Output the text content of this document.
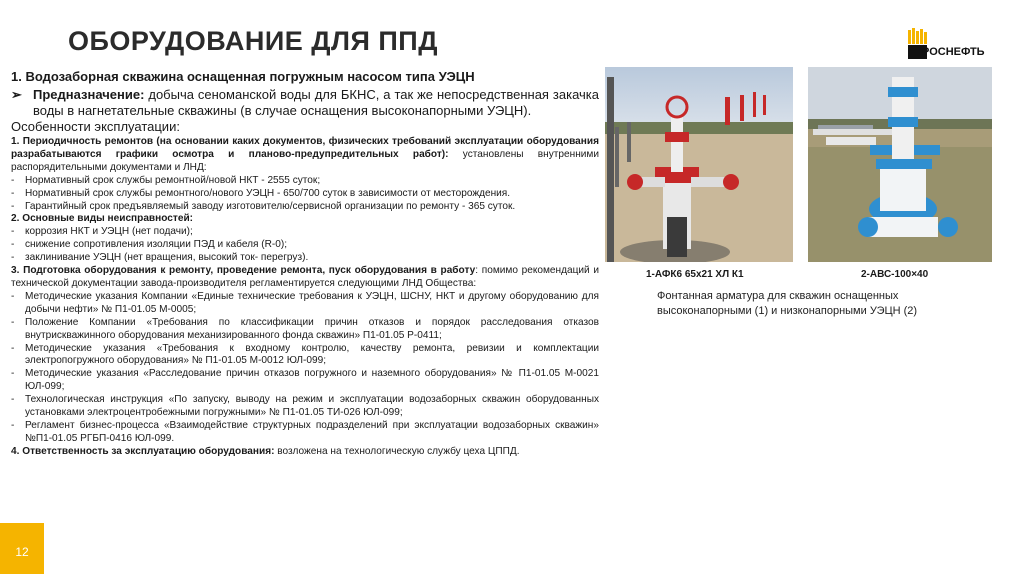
ОБОРУДОВАНИЕ ДЛЯ ППД	РОСНЕФТЬ
1. Водозаборная скважина оснащенная погружным насосом типа УЭЦН
➢ Предназначение: добыча сеноманской воды для БКНС, а так же непосредственная закачка воды в нагнетательные скважины (в случае оснащения высоконапорными УЭЦН).
Особенности эксплуатации:

1. Периодичность ремонтов (на основании каких документов, физических требований эксплуатации оборудования разрабатываются графики осмотра и планово-предупредительных работ): установлены внутренними распорядительными документами и ЛНД:

-	Нормативный срок службы ремонтной/новой НКТ - 2555 суток;
-	Нормативный срок службы ремонтного/нового УЭЦН - 650/700 суток в зависимости от месторождения.
-	Гарантийный срок предъявляемый заводу изготовителю/сервисной организации по ремонту - 365 суток.

2. Основные виды неисправностей:

-	коррозия НКТ и УЭЦН (нет подачи);
-	снижение сопротивления изоляции ПЭД и кабеля (R-0);
-	заклинивание УЭЦН (нет вращения, высокий ток- перегруз).

3. Подготовка оборудования к ремонту, проведение ремонта, пуск оборудования в работу: помимо рекомендаций и технической документации завода-производителя регламентируется следующими ЛНД Общества:

-	Методические указания Компании «Единые технические требования к УЭЦН, ШСНУ, НКТ и другому оборудованию для добычи нефти» № П1-01.05 М-0005;
-	Положение Компании «Требования по классификации причин отказов и порядок расследования отказов внутрискважинного оборудования механизированного фонда скважин» П1-01.05 Р-0411;
-	Методические указания «Требования к входному контролю, качеству ремонта, ревизии и комплектации электропогружного оборудования» № П1-01.05 М-0012 ЮЛ-099;
-	Методические указания «Расследование причин отказов погружного и наземного оборудования» № П1-01.05 М-0021 ЮЛ-099;
-	Технологическая инструкция «По запуску, выводу на режим и эксплуатации водозаборных скважин оборудованных установками электроцентробежными погружными» № П1-01.05 ТИ-026 ЮЛ-099;
-	Регламент бизнес-процесса «Взаимодействие структурных подразделений при эксплуатации водозаборных скважин» №П1-01.05 РГБП-0416 ЮЛ-099.

4. Ответственность за эксплуатацию оборудования: возложена на технологическую службу цеха ЦППД.

1-АФК6 65х21 ХЛ К1	2-АВС-100×40
Фонтанная арматура для скважин оснащенных высоконапорными (1) и низконапорными УЭЦН (2)
12
